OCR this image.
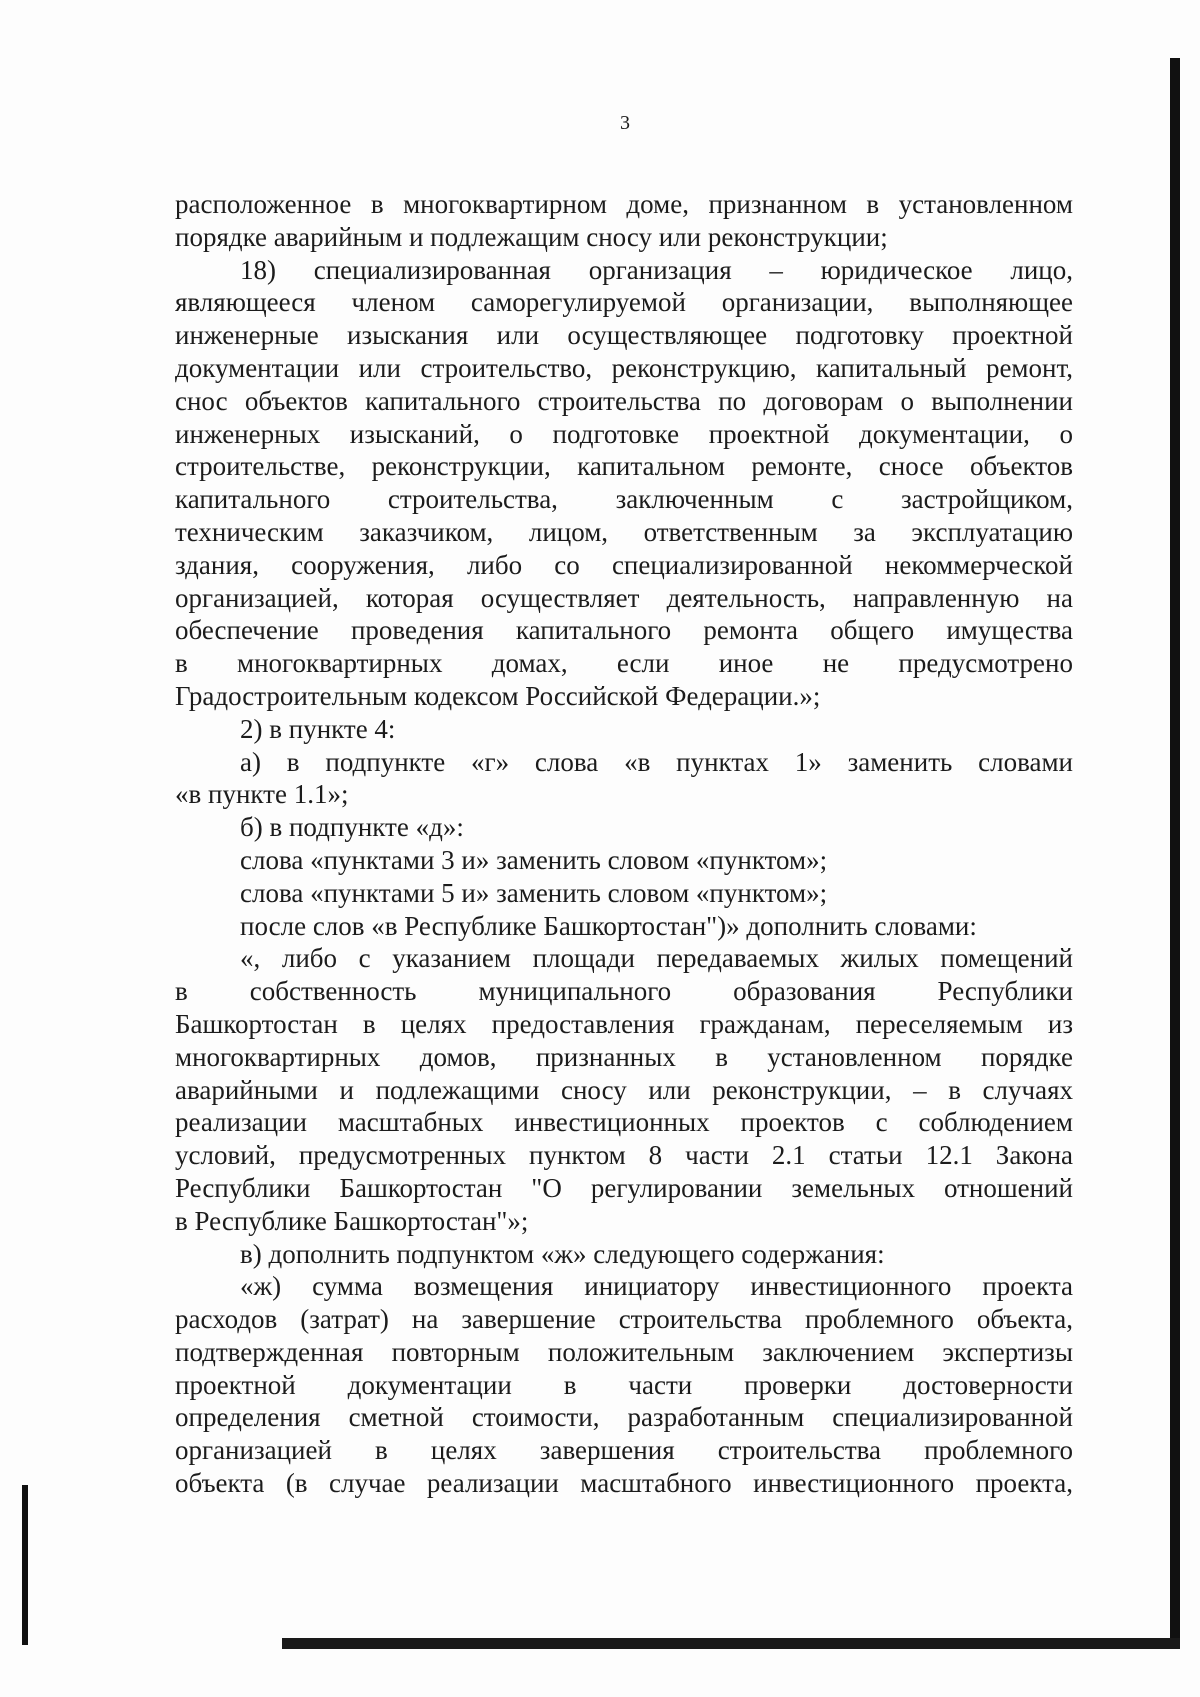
3
расположенное в многоквартирном доме, признанном в установленном
порядке аварийным и подлежащим сносу или реконструкции;
18) специализированная организация – юридическое лицо,
являющееся членом саморегулируемой организации, выполняющее
инженерные изыскания или осуществляющее подготовку проектной
документации или строительство, реконструкцию, капитальный ремонт,
снос объектов капитального строительства по договорам о выполнении
инженерных изысканий, о подготовке проектной документации, о
строительстве, реконструкции, капитальном ремонте, сносе объектов
капитального строительства, заключенным с застройщиком,
техническим заказчиком, лицом, ответственным за эксплуатацию
здания, сооружения, либо со специализированной некоммерческой
организацией, которая осуществляет деятельность, направленную на
обеспечение проведения капитального ремонта общего имущества
в многоквартирных домах, если иное не предусмотрено
Градостроительным кодексом Российской Федерации.»;
2) в пункте 4:
а) в подпункте «г» слова «в пунктах 1» заменить словами
«в пункте 1.1»;
б) в подпункте «д»:
слова «пунктами 3 и» заменить словом «пунктом»;
слова «пунктами 5 и» заменить словом «пунктом»;
после слов «в Республике Башкортостан")» дополнить словами:
«, либо с указанием площади передаваемых жилых помещений
в собственность муниципального образования Республики
Башкортостан в целях предоставления гражданам, переселяемым из
многоквартирных домов, признанных в установленном порядке
аварийными и подлежащими сносу или реконструкции, – в случаях
реализации масштабных инвестиционных проектов с соблюдением
условий, предусмотренных пунктом 8 части 2.1 статьи 12.1 Закона
Республики Башкортостан "О регулировании земельных отношений
в Республике Башкортостан"»;
в) дополнить подпунктом «ж» следующего содержания:
«ж) сумма возмещения инициатору инвестиционного проекта
расходов (затрат) на завершение строительства проблемного объекта,
подтвержденная повторным положительным заключением экспертизы
проектной документации в части проверки достоверности
определения сметной стоимости, разработанным специализированной
организацией в целях завершения строительства проблемного
объекта (в случае реализации масштабного инвестиционного проекта,
